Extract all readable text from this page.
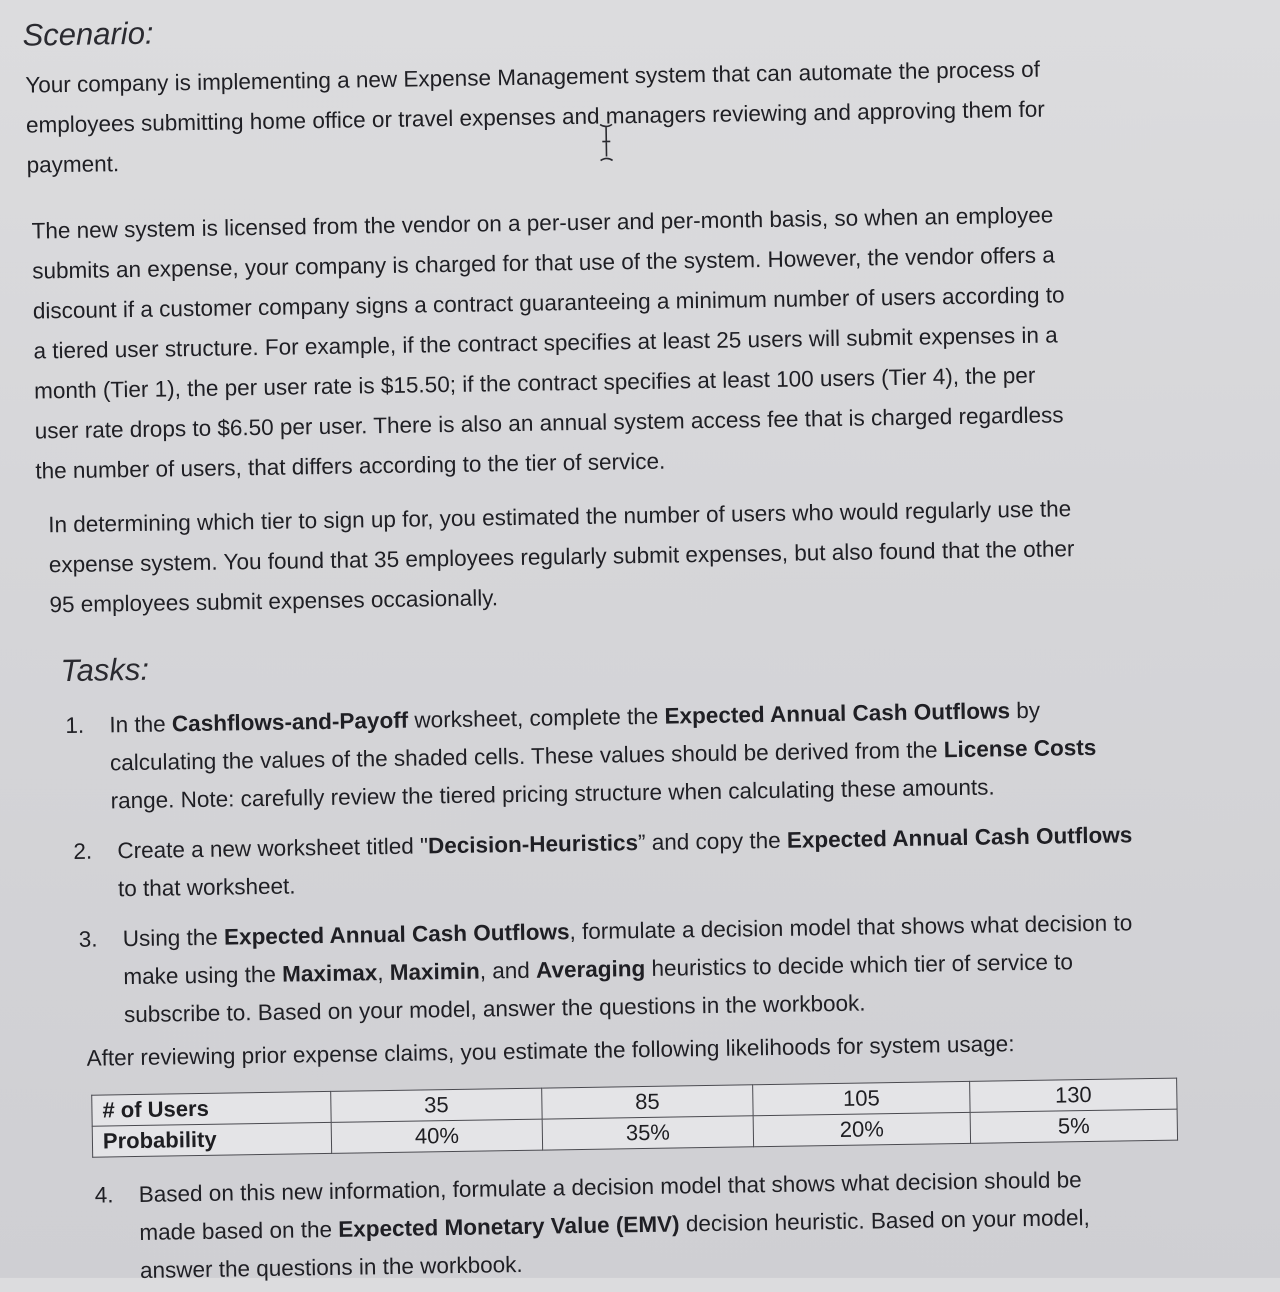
Scenario:

Your company is implementing a new Expense Management system that can automate the process of
employees submitting home office or travel expenses and managers reviewing and approving them for
payment.

The new system is licensed from the vendor on a per-user and per-month basis, so when an employee
submits an expense, your company is charged for that use of the system. However, the vendor offers a
discount if a customer company signs a contract guaranteeing a minimum number of users according to
a tiered user structure. For example, if the contract specifies at least 25 users will submit expenses in a
month (Tier 1), the per user rate is $15.50; if the contract specifies at least 100 users (Tier 4), the per
user rate drops to $6.50 per user. There is also an annual system access fee that is charged regardless
the number of users, that differs according to the tier of service.

In determining which tier to sign up for, you estimated the number of users who would regularly use the
expense system. You found that 35 employees regularly submit expenses, but also found that the other
95 employees submit expenses occasionally.

Tasks:
1. In the Cashflows-and-Payoff worksheet, complete the Expected Annual Cash Outflows by
calculating the values of the shaded cells. These values should be derived from the License Costs
range. Note: carefully review the tiered pricing structure when calculating these amounts.
2. Create a new worksheet titled "Decision-Heuristics” and copy the Expected Annual Cash Outflows
to that worksheet.
3. Using the Expected Annual Cash Outflows, formulate a decision model that shows what decision to
make using the Maximax, Maximin, and Averaging heuristics to decide which tier of service to
subscribe to. Based on your model, answer the questions in the workbook.

After reviewing prior expense claims, you estimate the following likelihoods for system usage:

# of Users	35	85	105	130
Probability	40%	35%	20%	5%
4. Based on this new information, formulate a decision model that shows what decision should be
made based on the Expected Monetary Value (EMV) decision heuristic. Based on your model,
answer the questions in the workbook.
